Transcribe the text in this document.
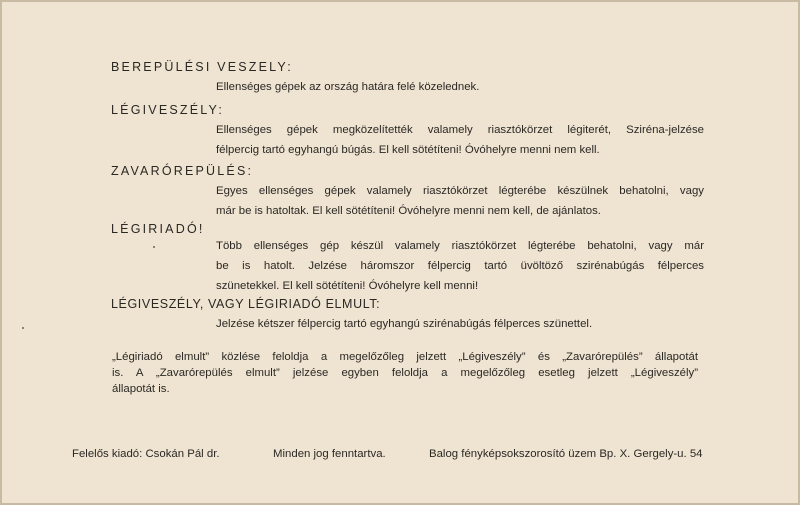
BEREPÜLÉSI VESZELY:
Ellenséges gépek az ország határa felé közelednek.
LÉGIVESZÉLY:
Ellenséges gépek megközelítették valamely riasztókörzet légiterét, Sziréna-jelzése
félpercig tartó egyhangú búgás. El kell sötétíteni! Óvóhelyre menni nem kell.
ZAVARÓREPÜLÉS:
Egyes ellenséges gépek valamely riasztókörzet légterébe készülnek behatolni, vagy
már be is hatoltak. El kell sötétíteni! Óvóhelyre menni nem kell, de ajánlatos.
LÉGIRIADÓ!
Több ellenséges gép készül valamely riasztókörzet légterébe behatolni, vagy már
be is hatolt. Jelzése háromszor félpercig tartó üvöltöző szirénabúgás félperces
szünetekkel. El kell sötétíteni! Óvóhelyre kell menni!
LÉGIVESZÉLY, VAGY LÉGIRIADÓ ELMULT:
Jelzése kétszer félpercig tartó egyhangú szirénabúgás félperces szünettel.
„Légiriadó elmult” közlése feloldja a megelőzőleg jelzett „Légiveszély” és „Zavarórepülés” állapotát
is. A „Zavarórepülés elmult” jelzése egyben feloldja a megelőzőleg esetleg jelzett „Légiveszély”
állapotát is.
Felelős kiadó: Csokán Pál dr.	Minden jog fenntartva.	Balog fényképsokszorosító üzem Bp. X. Gergely-u. 54
